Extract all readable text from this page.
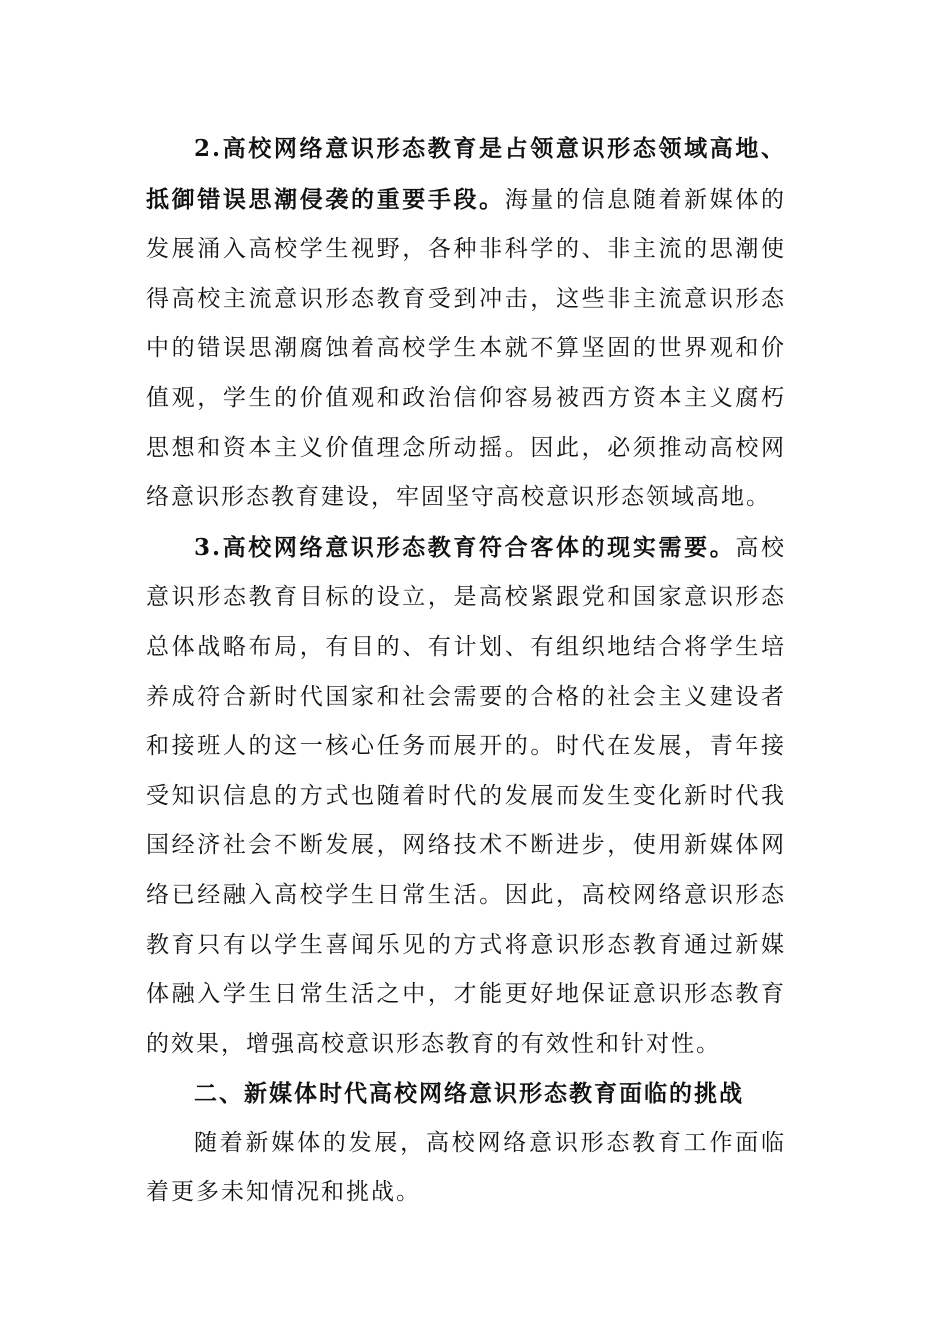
2.高校网络意识形态教育是占领意识形态领域高地、抵御错误思潮侵袭的重要手段。海量的信息随着新媒体的发展涌入高校学生视野，各种非科学的、非主流的思潮使得高校主流意识形态教育受到冲击，这些非主流意识形态中的错误思潮腐蚀着高校学生本就不算坚固的世界观和价值观，学生的价值观和政治信仰容易被西方资本主义腐朽思想和资本主义价值理念所动摇。因此，必须推动高校网络意识形态教育建设，牢固坚守高校意识形态领域高地。

3.高校网络意识形态教育符合客体的现实需要。高校意识形态教育目标的设立，是高校紧跟党和国家意识形态总体战略布局，有目的、有计划、有组织地结合将学生培养成符合新时代国家和社会需要的合格的社会主义建设者和接班人的这一核心任务而展开的。时代在发展，青年接受知识信息的方式也随着时代的发展而发生变化新时代我国经济社会不断发展，网络技术不断进步，使用新媒体网络已经融入高校学生日常生活。因此，高校网络意识形态教育只有以学生喜闻乐见的方式将意识形态教育通过新媒体融入学生日常生活之中，才能更好地保证意识形态教育的效果，增强高校意识形态教育的有效性和针对性。

二、新媒体时代高校网络意识形态教育面临的挑战

随着新媒体的发展，高校网络意识形态教育工作面临着更多未知情况和挑战。
